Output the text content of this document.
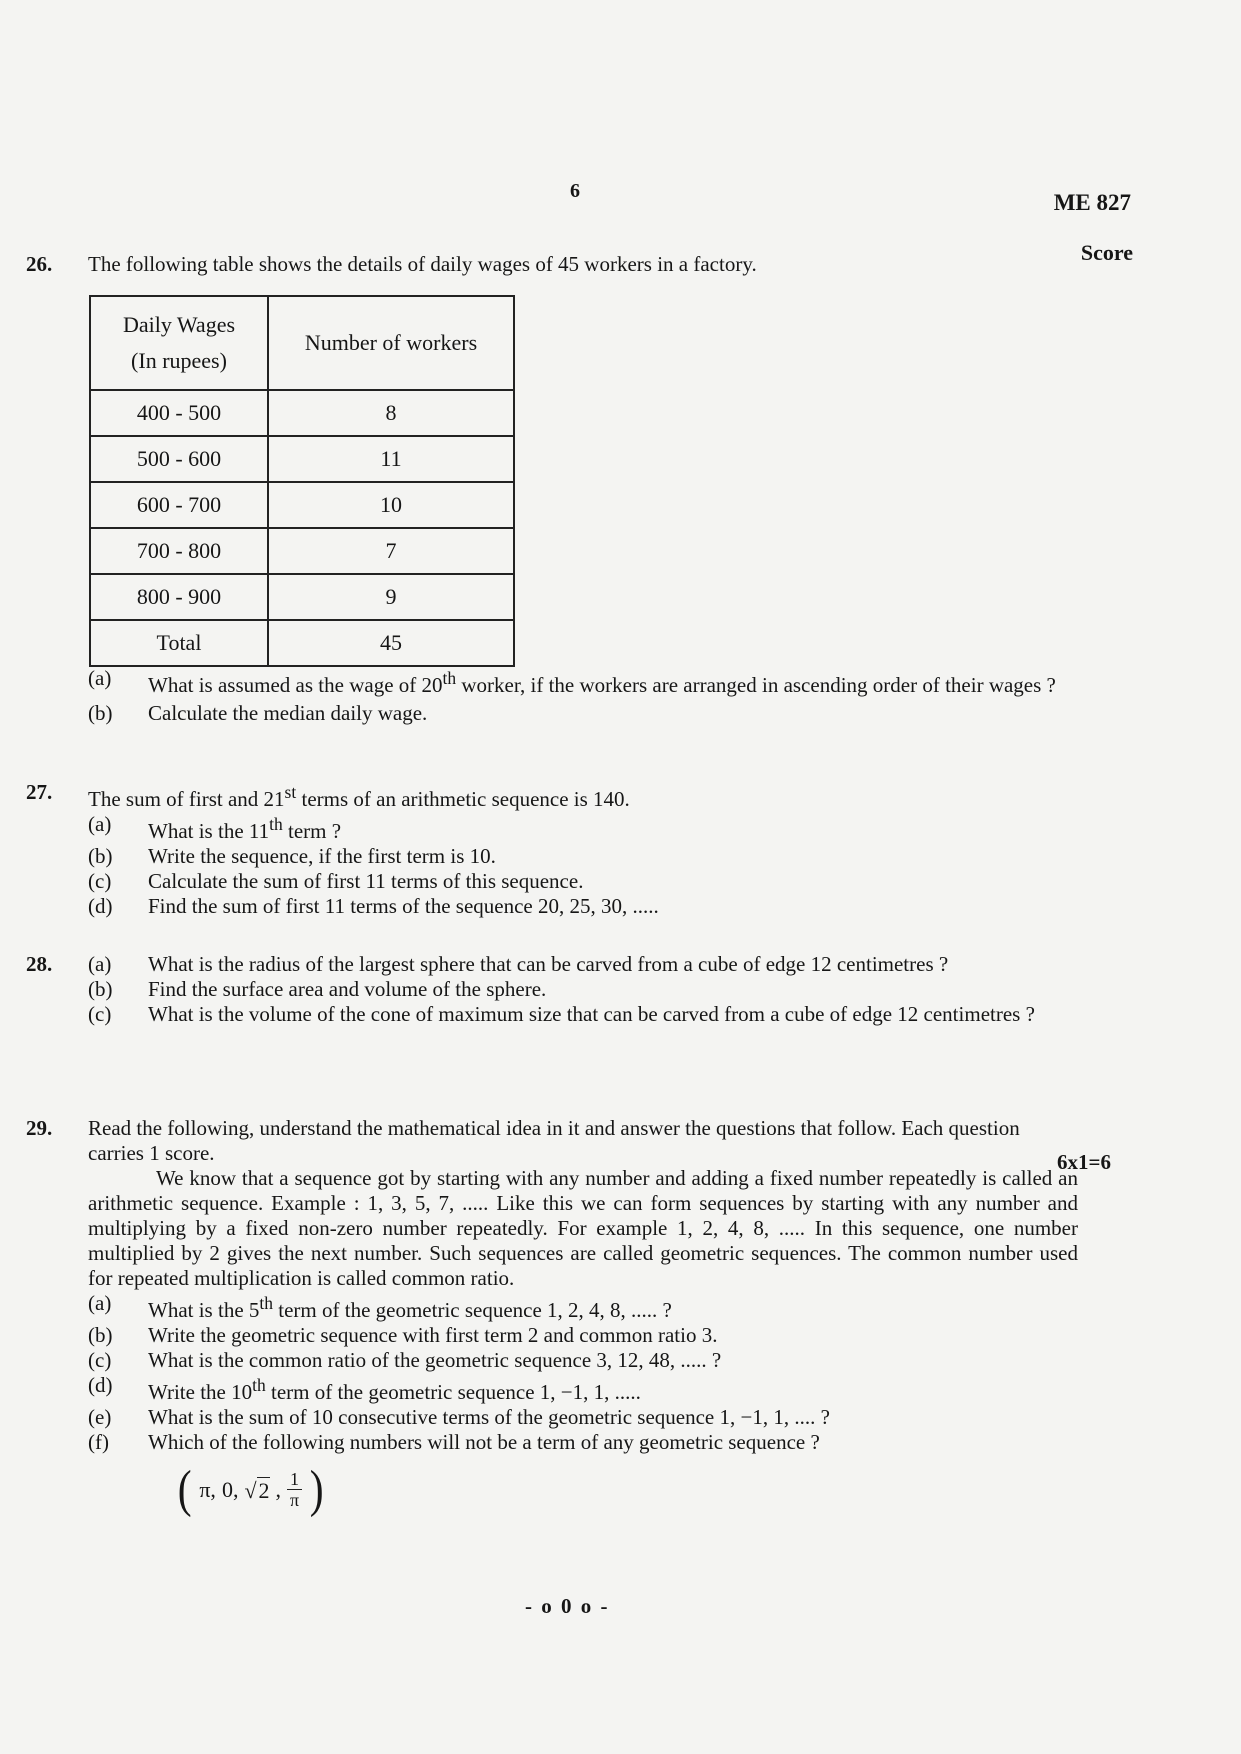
6	ME 827
Score
26. The following table shows the details of daily wages of 45 workers in a factory.
Daily Wages
(In rupees)	Number of workers
400 - 500	8
500 - 600	11
600 - 700	10
700 - 800	7
800 - 900	9
Total	45
(a) What is assumed as the wage of 20th worker, if the workers are arranged in ascending order of their wages ?
(b) Calculate the median daily wage.
27. The sum of first and 21st terms of an arithmetic sequence is 140.
(a) What is the 11th term ?
(b) Write the sequence, if the first term is 10.
(c) Calculate the sum of first 11 terms of this sequence.
(d) Find the sum of first 11 terms of the sequence 20, 25, 30, .....
28. (a) What is the radius of the largest sphere that can be carved from a cube of edge 12 centimetres ?
(b) Find the surface area and volume of the sphere.
(c) What is the volume of the cone of maximum size that can be carved from a cube of edge 12 centimetres ?
29. Read the following, understand the mathematical idea in it and answer the questions that follow. Each question carries 1 score.
We know that a sequence got by starting with any number and adding a fixed number repeatedly is called an arithmetic sequence. Example : 1, 3, 5, 7, ..... Like this we can form sequences by starting with any number and multiplying by a fixed non-zero number repeatedly. For example 1, 2, 4, 8, ..... In this sequence, one number multiplied by 2 gives the next number. Such sequences are called geometric sequences. The common number used for repeated multiplication is called common ratio.
(a) What is the 5th term of the geometric sequence 1, 2, 4, 8, ..... ?
(b) Write the geometric sequence with first term 2 and common ratio 3.
(c) What is the common ratio of the geometric sequence 3, 12, 48, ..... ?
(d) Write the 10th term of the geometric sequence 1, −1, 1, .....
(e) What is the sum of 10 consecutive terms of the geometric sequence 1, −1, 1, .... ?
(f) Which of the following numbers will not be a term of any geometric sequence ?
( π, 0, √ 2 , $\frac{1}{\pi}$ )
6x1=6
- o 0 o -
